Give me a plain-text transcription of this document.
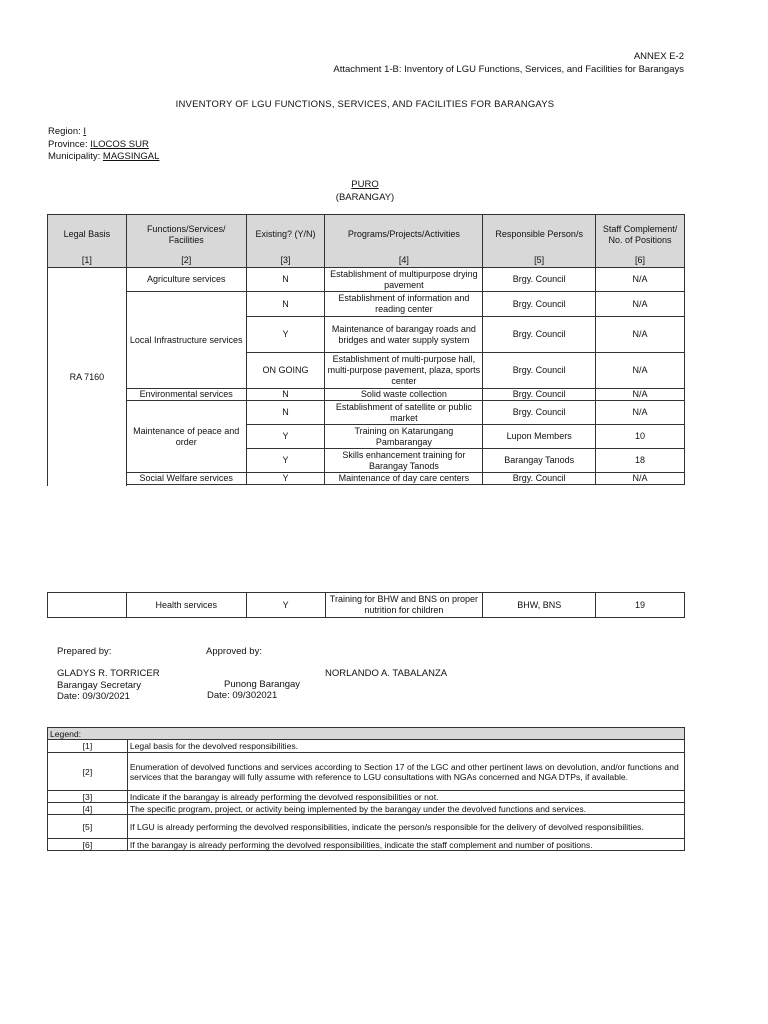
ANNEX E-2
Attachment 1-B: Inventory of LGU Functions, Services, and Facilities for Barangays
INVENTORY OF LGU FUNCTIONS, SERVICES, AND FACILITIES FOR BARANGAYS
Region: I
Province: ILOCOS SUR
Municipality: MAGSINGAL
PURO
(BARANGAY)
Legal Basis	Functions/Services/ Facilities	Existing? (Y/N)	Programs/Projects/Activities	Responsible Person/s	Staff Complement/ No. of Positions
[1]	[2]	[3]	[4]	[5]	[6]
RA 7160	Agriculture services	N	Establishment of multipurpose drying pavement	Brgy. Council	N/A
	Local Infrastructure services	N	Establishment of information and reading center	Brgy. Council	N/A
		Y	Maintenance of barangay roads and bridges and water supply system	Brgy. Council	N/A
		ON GOING	Establishment of multi-purpose hall, multi-purpose pavement, plaza, sports center	Brgy. Council	N/A
	Environmental services	N	Solid waste collection	Brgy. Council	N/A
	Maintenance of peace and order	N	Establishment of satellite or public market	Brgy. Council	N/A
		Y	Training on Katarungang Pambarangay	Lupon Members	10
		Y	Skills enhancement training for Barangay Tanods	Barangay Tanods	18
	Social Welfare services	Y	Maintenance of day care centers	Brgy. Council	N/A

	Health services	Y	Training for BHW and BNS on proper nutrition for children	BHW, BNS	19
Prepared by:	Approved by:
GLADYS R. TORRICER
Barangay Secretary
Date: 09/30/2021
NORLANDO A. TABALANZA
Punong Barangay
Date: 09/302021
Legend:	
[1]	Legal basis for the devolved responsibilities.
[2]	Enumeration of devolved functions and services according to Section 17 of the LGC and other pertinent laws on devolution, and/or functions and services that the barangay will fully assume with reference to LGU consultations with NGAs concerned and NGA DTPs, if available.
[3]	Indicate if the barangay is already performing the devolved responsibilities or not.
[4]	The specific program, project, or activity being implemented by the barangay under the devolved functions and services.
[5]	If LGU is already performing the devolved responsibilities, indicate the person/s responsible for the delivery of devolved responsibilities.
[6]	If the barangay is already performing the devolved responsibilities, indicate the staff complement and number of positions.
